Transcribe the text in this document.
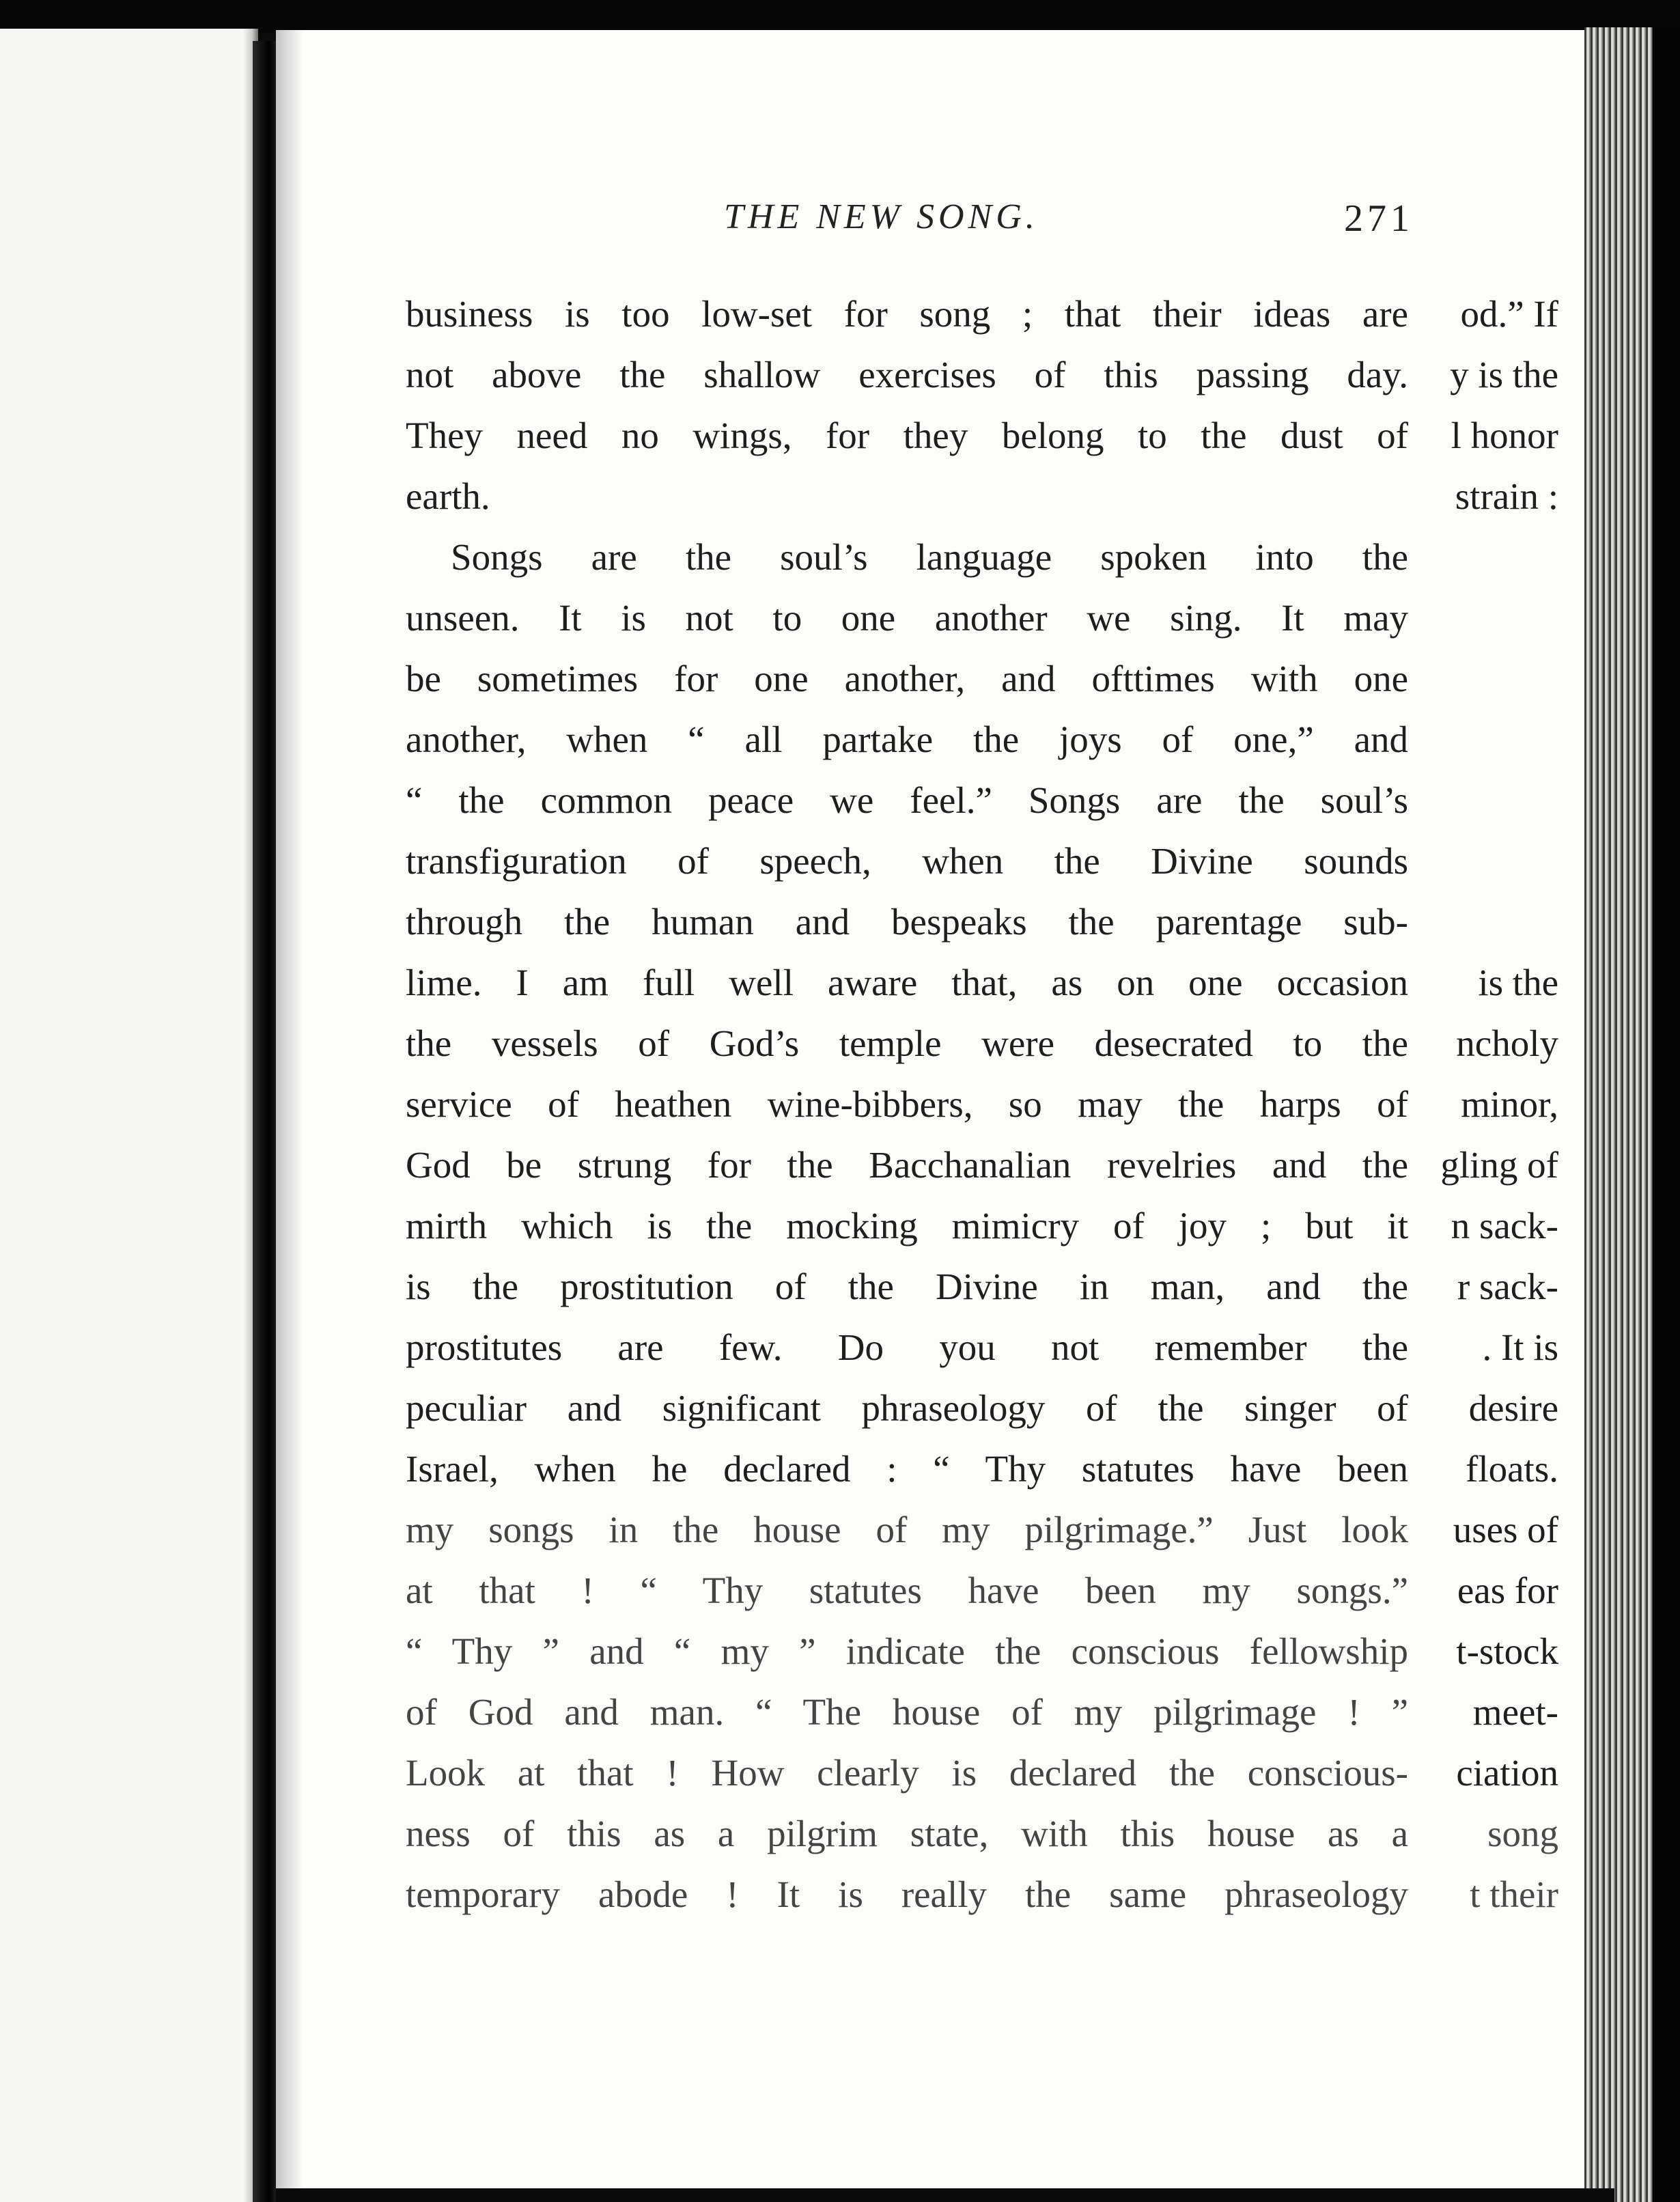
THE NEW SONG.	271
business is too low-set for song ; that their ideas are
not above the shallow exercises of this passing day.
They need no wings, for they belong to the dust of
earth.
Songs are the soul’s language spoken into the
unseen. It is not to one another we sing. It may
be sometimes for one another, and ofttimes with one
another, when “ all partake the joys of one,” and
“ the common peace we feel.” Songs are the soul’s
transfiguration of speech, when the Divine sounds
through the human and bespeaks the parentage sub-
lime. I am full well aware that, as on one occasion
the vessels of God’s temple were desecrated to the
service of heathen wine-bibbers, so may the harps of
God be strung for the Bacchanalian revelries and the
mirth which is the mocking mimicry of joy ; but it
is the prostitution of the Divine in man, and the
prostitutes are few. Do you not remember the
peculiar and significant phraseology of the singer of
Israel, when he declared : “ Thy statutes have been
my songs in the house of my pilgrimage.” Just look
at that ! “ Thy statutes have been my songs.”
“ Thy ” and “ my ” indicate the conscious fellowship
of God and man. “ The house of my pilgrimage ! ”
Look at that ! How clearly is declared the conscious-
ness of this as a pilgrim state, with this house as a
temporary abode ! It is really the same phraseology
od.” If
y is the
l honor
strain :
is the
ncholy
minor,
gling of
n sack-
r sack-
. It is
desire
floats.
uses of
eas for
t-stock
meet-
ciation
song
t their
